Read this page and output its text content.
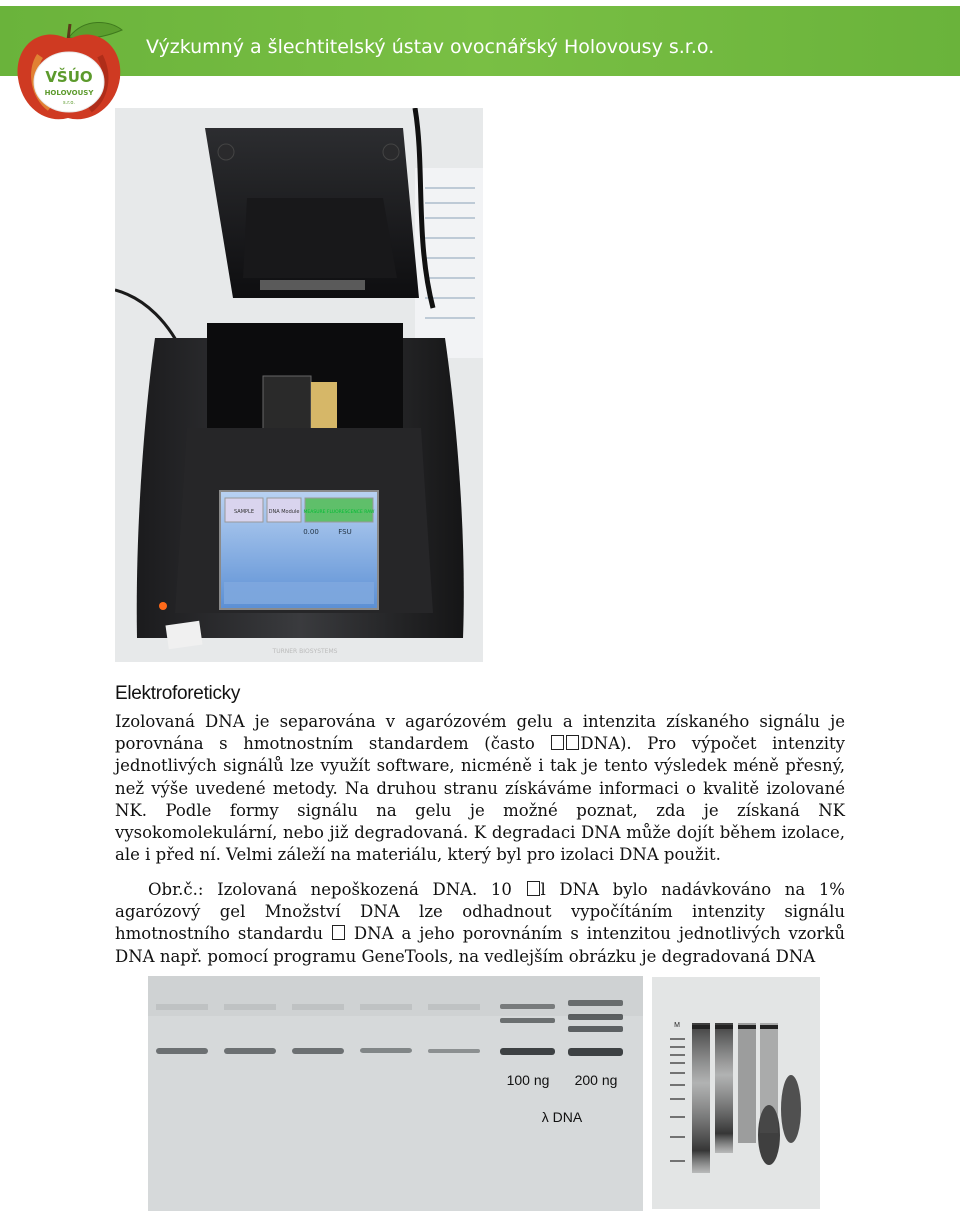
Výzkumný a šlechtitelský ústav ovocnářský Holovousy s.r.o.
VŠÚO
HOLOVOUSY
s.r.o.
SAMPLE	DNA Module MEASURE FLUORESCENCE RAW
0.00	FSU
TURNER BIOSYSTEMS
Elektroforeticky
Izolovaná DNA je separována v agarózovém gelu a intenzita získaného signálu je porovnána s hmotnostním standardem (často DNA). Pro výpočet intenzity jednotlivých signálů lze využít software, nicméně i tak je tento výsledek méně přesný, než výše uvedené metody. Na druhou stranu získáváme informaci o kvalitě izolované NK. Podle formy signálu na gelu je možné poznat, zda je získaná NK vysokomolekulární, nebo již degradovaná. K degradaci DNA může dojít během izolace, ale i před ní. Velmi záleží na materiálu, který byl pro izolaci DNA použit.
Obr.č.: Izolovaná nepoškozená DNA. 10 l DNA bylo nadávkováno na 1% agarózový gel Množství DNA lze odhadnout vypočítáním intenzity signálu hmotnostního standardu  DNA a jeho porovnáním s intenzitou jednotlivých vzorků DNA např. pomocí programu GeneTools, na vedlejším obrázku je degradovaná DNA
100 ng 200 ng
λ DNA
M
